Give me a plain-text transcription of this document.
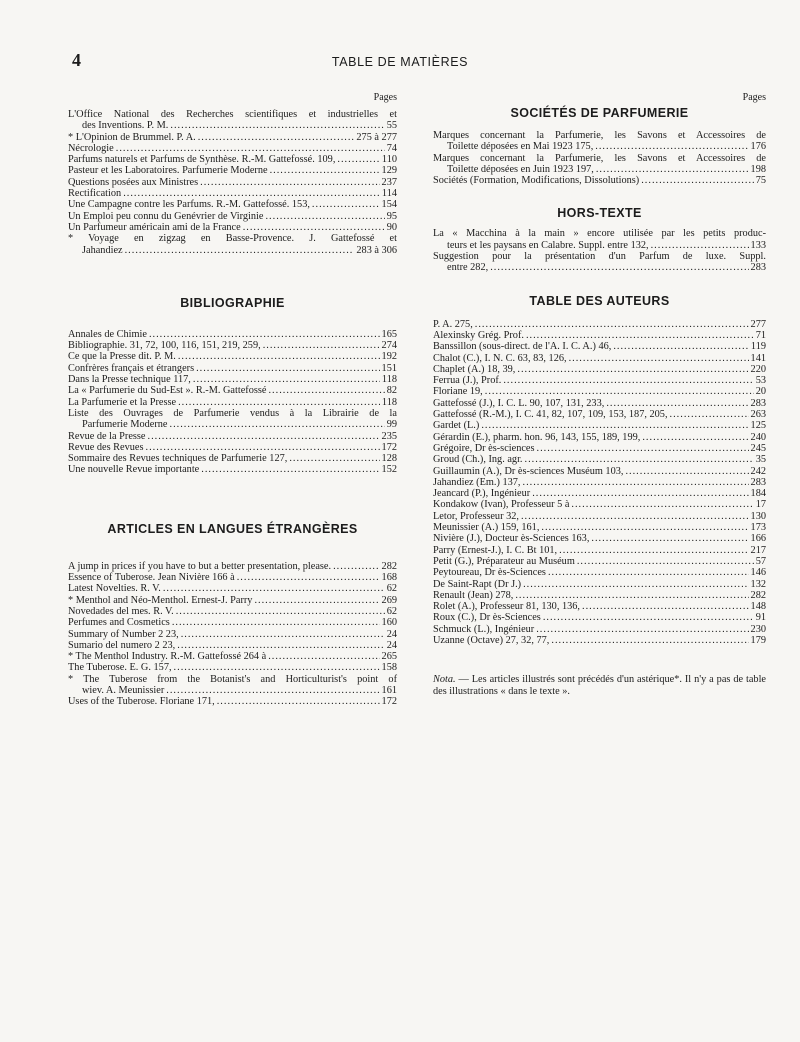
4	TABLE DE MATIÈRES
Pages
L'Office National des Recherches scientifiques et industrielles et
des Inventions. P. M. .....	55
* L'Opinion de Brummel. P. A. .....	275 à 277
Nécrologie .....	74
Parfums naturels et Parfums de Synthèse. R.-M. Gattefossé. 109, .....	110
Pasteur et les Laboratoires. Parfumerie Moderne .....	129
Questions posées aux Ministres .....	237
Rectification .....	114
Une Campagne contre les Parfums. R.-M. Gattefossé. 153, .....	154
Un Emploi peu connu du Genévrier de Virginie .....	95
Un Parfumeur américain ami de la France .....	90
* Voyage en zigzag en Basse-Provence. J. Gattefossé et
Jahandiez .....	283 à 306
BIBLIOGRAPHIE
Annales de Chimie .....	165
Bibliographie. 31, 72, 100, 116, 151, 219, 259, .....	274
Ce que la Presse dit. P. M. .....	192
Confrères français et étrangers .....	151
Dans la Presse technique 117, .....	118
La « Parfumerie du Sud-Est ». R.-M. Gattefossé .....	82
La Parfumerie et la Presse .....	118
Liste des Ouvrages de Parfumerie vendus à la Librairie de la
Parfumerie Moderne .....	99
Revue de la Presse .....	235
Revue des Revues .....	172
Sommaire des Revues techniques de Parfumerie 127, .....	128
Une nouvelle Revue importante .....	152
ARTICLES EN LANGUES ÉTRANGÈRES
A jump in prices if you have to but a better presentation, please. .....	282
Essence of Tuberose. Jean Nivière 166 à .....	168
Latest Novelties. R. V. .....	62
* Menthol and Néo-Menthol. Ernest-J. Parry .....	269
Novedades del mes. R. V. .....	62
Perfumes and Cosmetics .....	160
Summary of Number 2 23, .....	24
Sumario del numero 2 23, .....	24
* The Menthol Industry. R.-M. Gattefossé 264 à .....	265
The Tuberose. E. G. 157, .....	158
* The Tuberose from the Botanist's and Horticulturist's point of
wiev. A. Meunissier .....	161
Uses of the Tuberose. Floriane 171, .....	172
Pages
SOCIÉTÉS DE PARFUMERIE
Marques concernant la Parfumerie, les Savons et Accessoires de
Toilette déposées en Mai 1923 175, .....	176
Marques concernant la Parfumerie, les Savons et Accessoires de
Toilette déposées en Juin 1923 197, .....	198
Sociétés (Formation, Modifications, Dissolutions) .....	75
HORS-TEXTE
La « Macchina à la main » encore utilisée par les petits produc-
teurs et les paysans en Calabre. Suppl. entre 132, .....	133
Suggestion pour la présentation d'un Parfum de luxe. Suppl.
entre 282, .....	283
TABLE DES AUTEURS
P. A. 275, .....	277
Alexinsky Grég. Prof. .....	71
Banssillon (sous-direct. de l'A. I. C. A.) 46, .....	119
Chalot (C.), I. N. C. 63, 83, 126, .....	141
Chaplet (A.) 18, 39, .....	220
Ferrua (J.), Prof. .....	53
Floriane 19, .....	20
Gattefossé (J.), I. C. L. 90, 107, 131, 233, .....	283
Gattefossé (R.-M.), I. C. 41, 82, 107, 109, 153, 187, 205, .....	263
Gardet (L.) .....	125
Gérardin (E.), pharm. hon. 96, 143, 155, 189, 199, .....	240
Grégoire, Dr ès-sciences .....	245
Groud (Ch.), Ing. agr. .....	35
Guillaumin (A.), Dr ès-sciences Muséum 103, .....	242
Jahandiez (Em.) 137, .....	283
Jeancard (P.), Ingénieur .....	184
Kondakow (Ivan), Professeur 5 à .....	17
Letor, Professeur 32, .....	130
Meunissier (A.) 159, 161, .....	173
Nivière (J.), Docteur ès-Sciences 163, .....	166
Parry (Ernest-J.), I. C. Bt 101, .....	217
Petit (G.), Préparateur au Muséum .....	57
Peytoureau, Dr ès-Sciences .....	146
De Saint-Rapt (Dr J.) .....	132
Renault (Jean) 278, .....	282
Rolet (A.), Professeur 81, 130, 136, .....	148
Roux (C.), Dr ès-Sciences .....	91
Schmuck (L.), Ingénieur .....	230
Uzanne (Octave) 27, 32, 77, .....	179
Nota. — Les articles illustrés sont précédés d'un astérique*. Il n'y a pas de table des illustrations « dans le texte ».
